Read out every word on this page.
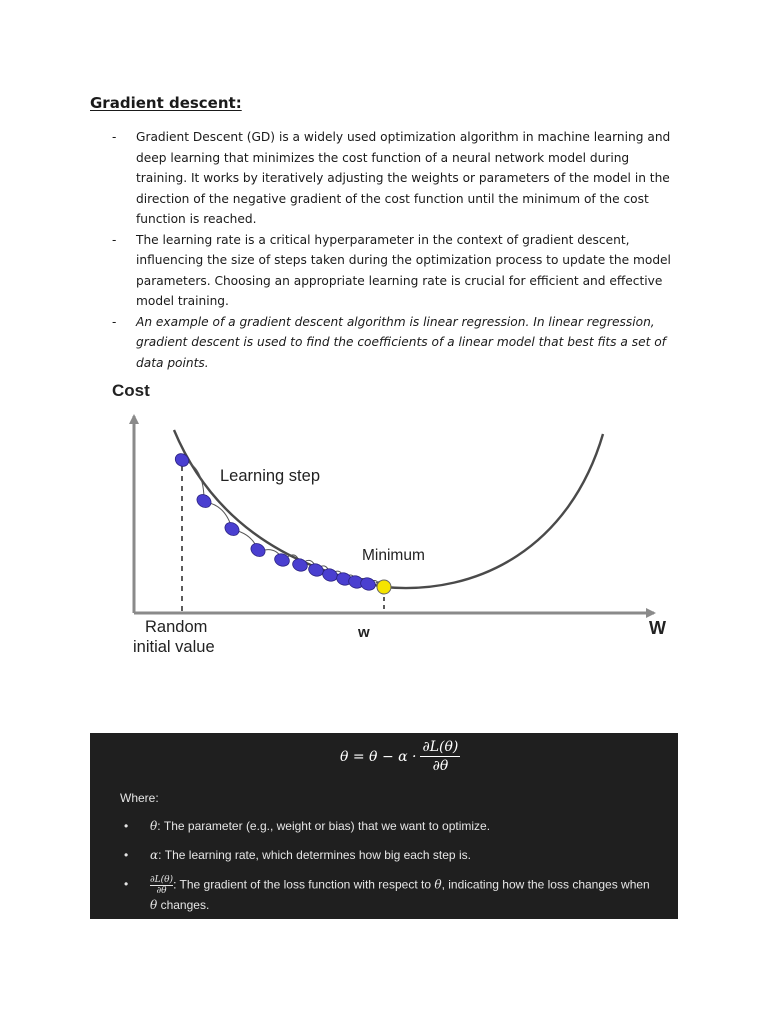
Gradient descent:
-	Gradient Descent (GD) is a widely used optimization algorithm in machine learning and
deep learning that minimizes the cost function of a neural network model during
training. It works by iteratively adjusting the weights or parameters of the model in the
direction of the negative gradient of the cost function until the minimum of the cost
function is reached.
-	The learning rate is a critical hyperparameter in the context of gradient descent,
influencing the size of steps taken during the optimization process to update the model
parameters. Choosing an appropriate learning rate is crucial for efficient and effective
model training.
-	An example of a gradient descent algorithm is linear regression. In linear regression,
gradient descent is used to find the coefficients of a linear model that best fits a set of
data points.
Cost
Learning step
Minimum
w	W
Random
initial value
$\theta = \theta - \alpha \cdot \frac{\partial L(\theta)}{\partial\theta}$
Where:
•	θ: The parameter (e.g., weight or bias) that we want to optimize.
•	α: The learning rate, which determines how big each step is.
•	$\frac{\partial L(\theta)}{\partial\theta}$ : The gradient of the loss function with respect to θ, indicating how the loss changes when
θ changes.
